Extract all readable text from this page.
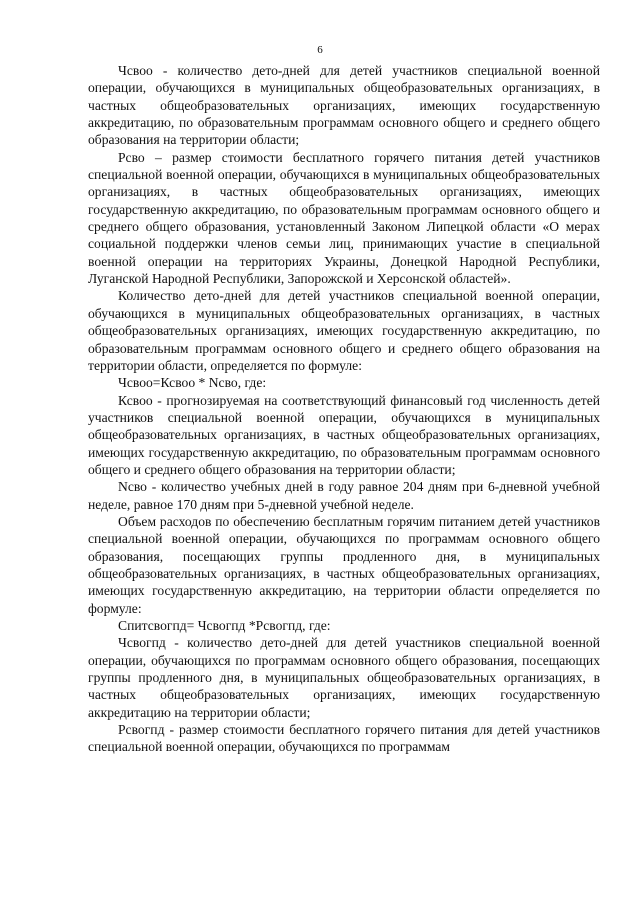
6

Чсвоо - количество дето-дней для детей участников специальной военной операции, обучающихся в муниципальных общеобразовательных организациях, в частных общеобразовательных организациях, имеющих государственную аккредитацию, по образовательным программам основного общего и среднего общего образования на территории области;

Рсво – размер стоимости бесплатного горячего питания детей участников специальной военной операции, обучающихся в муниципальных общеобразовательных организациях, в частных общеобразовательных организациях, имеющих государственную аккредитацию, по образовательным программам основного общего и среднего общего образования, установленный Законом Липецкой области «О мерах социальной поддержки членов семьи лиц, принимающих участие в специальной военной операции на территориях Украины, Донецкой Народной Республики, Луганской Народной Республики, Запорожской и Херсонской областей».

Количество дето-дней для детей участников специальной военной операции, обучающихся в муниципальных общеобразовательных организациях, в частных общеобразовательных организациях, имеющих государственную аккредитацию, по образовательным программам основного общего и среднего общего образования на территории области, определяется по формуле:

Чсвоо=Ксвоо * Nсво, где:

Ксвоо - прогнозируемая на соответствующий финансовый год численность детей участников специальной военной операции, обучающихся в муниципальных общеобразовательных организациях, в частных общеобразовательных организациях, имеющих государственную аккредитацию, по образовательным программам основного общего и среднего общего образования на территории области;

Nсво - количество учебных дней в году равное 204 дням при 6-дневной учебной неделе, равное 170 дням при 5-дневной учебной неделе.

Объем расходов по обеспечению бесплатным горячим питанием детей участников специальной военной операции, обучающихся по программам основного общего образования, посещающих группы продленного дня, в муниципальных общеобразовательных организациях, в частных общеобразовательных организациях, имеющих государственную аккредитацию, на территории области определяется по формуле:

Спитсвогпд= Чсвогпд *Рсвогпд, где:

Чсвогпд - количество дето-дней для детей участников специальной военной операции, обучающихся по программам основного общего образования, посещающих группы продленного дня, в муниципальных общеобразовательных организациях, в частных общеобразовательных организациях, имеющих государственную аккредитацию на территории области;

Рсвогпд - размер стоимости бесплатного горячего питания для детей участников специальной военной операции, обучающихся по программам
